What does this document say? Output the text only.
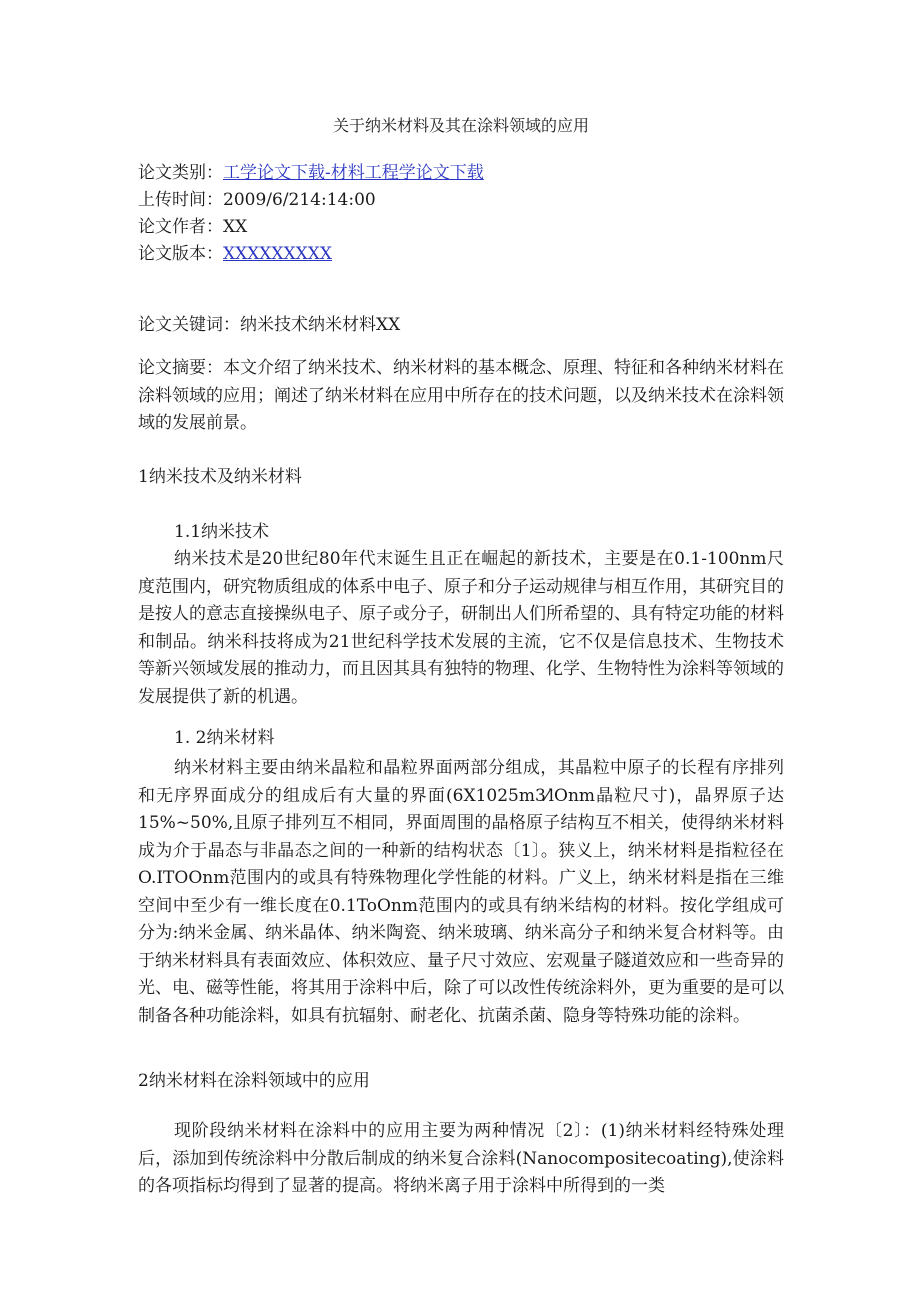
关于纳米材料及其在涂料领域的应用
论文类别：工学论文下载-材料工程学论文下载
上传时间：2009/6/214:14:00
论文作者：XX
论文版本：XXXXXXXXX
论文关键词：纳米技术纳米材料XX
论文摘要：本文介绍了纳米技术、纳米材料的基本概念、原理、特征和各种纳米材料在涂料领域的应用；阐述了纳米材料在应用中所存在的技术问题，以及纳米技术在涂料领域的发展前景。
1纳米技术及纳米材料
1.1纳米技术
纳米技术是20世纪80年代末诞生且正在崛起的新技术，主要是在0.1-100nm尺度范围内，研究物质组成的体系中电子、原子和分子运动规律与相互作用，其研究目的是按人的意志直接操纵电子、原子或分子，研制出人们所希望的、具有特定功能的材料和制品。纳米科技将成为21世纪科学技术发展的主流，它不仅是信息技术、生物技术等新兴领域发展的推动力，而且因其具有独特的物理、化学、生物特性为涂料等领域的发展提供了新的机遇。
1. 2纳米材料
纳米材料主要由纳米晶粒和晶粒界面两部分组成，其晶粒中原子的长程有序排列和无序界面成分的组成后有大量的界面(6X1025m3⁄lOnm晶粒尺寸)，晶界原子达15%~50%,且原子排列互不相同，界面周围的晶格原子结构互不相关，使得纳米材料成为介于晶态与非晶态之间的一种新的结构状态〔1〕。狭义上，纳米材料是指粒径在O.ITOOnm范围内的或具有特殊物理化学性能的材料。广义上，纳米材料是指在三维空间中至少有一维长度在0.1ToOnm范围内的或具有纳米结构的材料。按化学组成可分为:纳米金属、纳米晶体、纳米陶瓷、纳米玻璃、纳米高分子和纳米复合材料等。由于纳米材料具有表面效应、体积效应、量子尺寸效应、宏观量子隧道效应和一些奇异的光、电、磁等性能，将其用于涂料中后，除了可以改性传统涂料外，更为重要的是可以制备各种功能涂料，如具有抗辐射、耐老化、抗菌杀菌、隐身等特殊功能的涂料。
2纳米材料在涂料领域中的应用
现阶段纳米材料在涂料中的应用主要为两种情况〔2〕：(1)纳米材料经特殊处理后，添加到传统涂料中分散后制成的纳米复合涂料(Nanocompositecoating),使涂料的各项指标均得到了显著的提高。将纳米离子用于涂料中所得到的一类
